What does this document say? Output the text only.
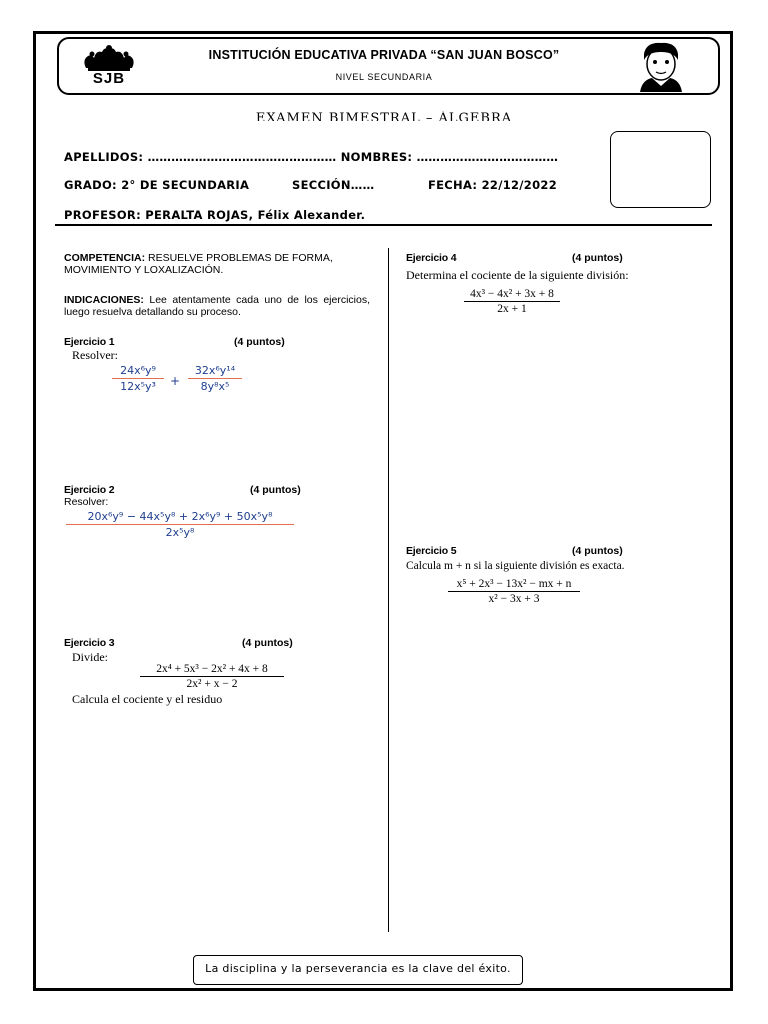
SJB
INSTITUCIÓN EDUCATIVA PRIVADA “SAN JUAN BOSCO”
NIVEL SECUNDARIA
EXAMEN BIMESTRAL – ÁLGEBRA
APELLIDOS: ………………………………………… NOMBRES: ………………………………
GRADO: 2° DE SECUNDARIA	SECCIÓN……	FECHA: 22/12/2022
PROFESOR: PERALTA ROJAS, Félix Alexander.
COMPETENCIA: RESUELVE PROBLEMAS DE FORMA, MOVIMIENTO Y LOXALIZACIÓN.
INDICACIONES: Lee atentamente cada uno de los ejercicios, luego resuelva detallando su proceso.
Ejercicio 1	(4 puntos)
Resolver:
24x⁶y⁹
12x⁵y³	+
32x⁶y¹⁴
8y⁸x⁵
Ejercicio 2	(4 puntos)
Resolver:
20x⁶y⁹ − 44x⁵y⁸ + 2x⁶y⁹ + 50x⁵y⁸
2x⁵y⁸
Ejercicio 3	(4 puntos)
Divide:
2x⁴ + 5x³ − 2x² + 4x + 8
2x² + x − 2
Calcula el cociente y el residuo
Ejercicio 4	(4 puntos)
Determina el cociente de la siguiente división:
4x³ − 4x² + 3x + 8
2x + 1
Ejercicio 5	(4 puntos)
Calcula m + n si la siguiente división es exacta.
x⁵ + 2x³ − 13x² − mx + n
x² − 3x + 3
La disciplina y la perseverancia es la clave del éxito.
